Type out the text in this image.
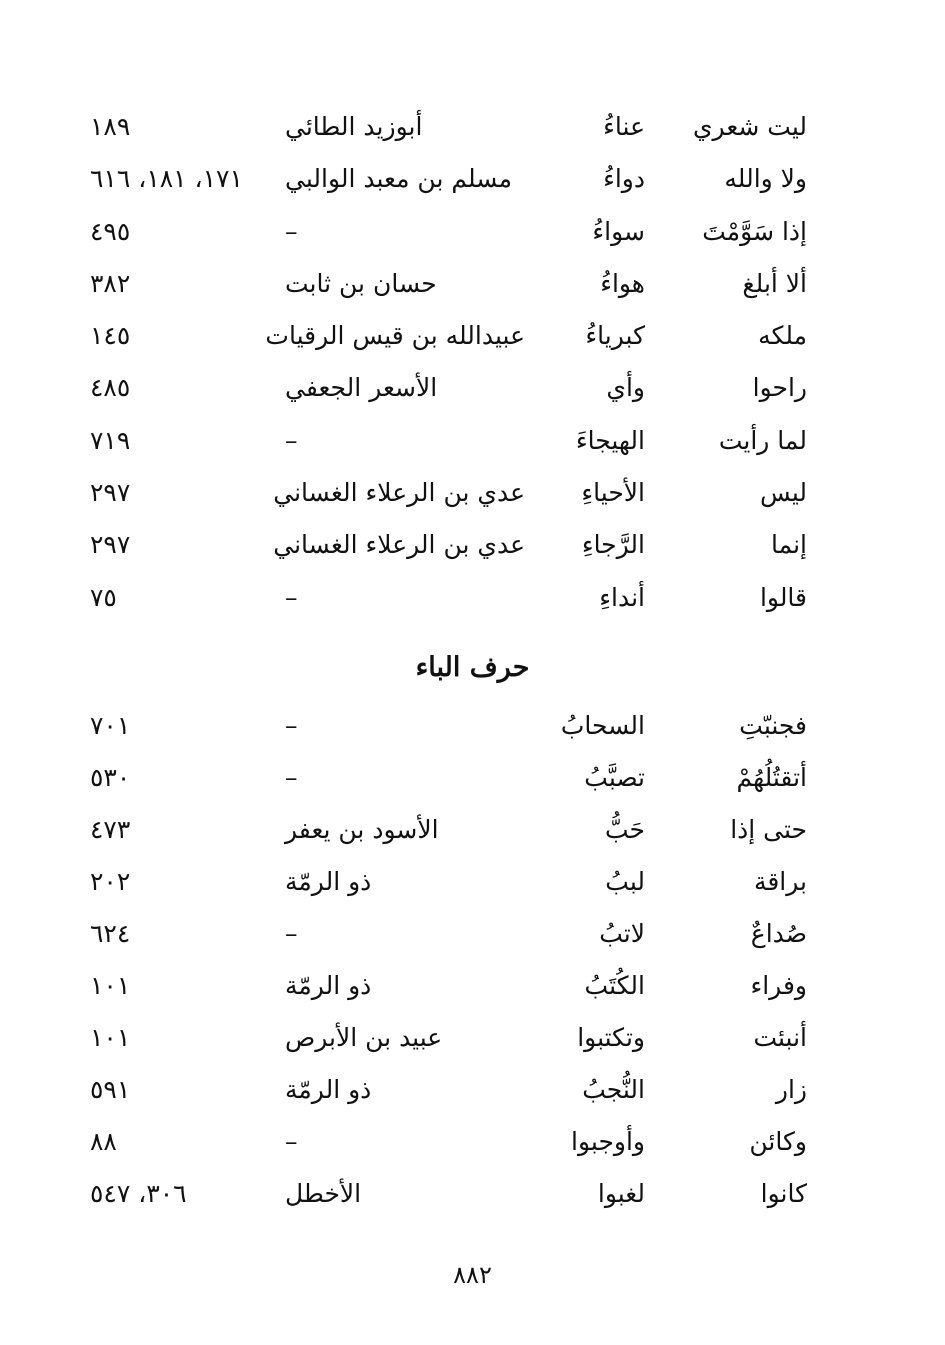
ليت شعري
عناءُ
أبوزيد الطائي
١٨٩
ولا والله
دواءُ
مسلم بن معبد الوالبي
١٧١، ١٨١، ٦١٦
إذا سَوَّمْتَ
سواءُ
–
٤٩٥
ألا أبلغ
هواءُ
حسان بن ثابت
٣٨٢
ملكه
كبرياءُ
عبيدالله بن قيس الرقيات
١٤٥
راحوا
وأي
الأسعر الجعفي
٤٨٥
لما رأيت
الهيجاءَ
–
٧١٩
ليس
الأحياءِ
عدي بن الرعلاء الغساني
٢٩٧
إنما
الرَّجاءِ
عدي بن الرعلاء الغساني
٢٩٧
قالوا
أنداءِ
–
٧٥
حرف الباء
فجنبّتِ
السحابُ
–
٧٠١
أتقتُلُهُمْ
تصبَّبُ
–
٥٣٠
حتى إذا
حَبُّ
الأسود بن يعفر
٤٧٣
براقة
لببُ
ذو الرمّة
٢٠٢
صُداعٌ
لاتبُ
–
٦٢٤
وفراء
الكُتَبُ
ذو الرمّة
١٠١
أنبئت
وتكتبوا
عبيد بن الأبرص
١٠١
زار
النُّجبُ
ذو الرمّة
٥٩١
وكائن
وأوجبوا
–
٨٨
كانوا
لغبوا
الأخطل
٣٠٦، ٥٤٧
٨٨٢
